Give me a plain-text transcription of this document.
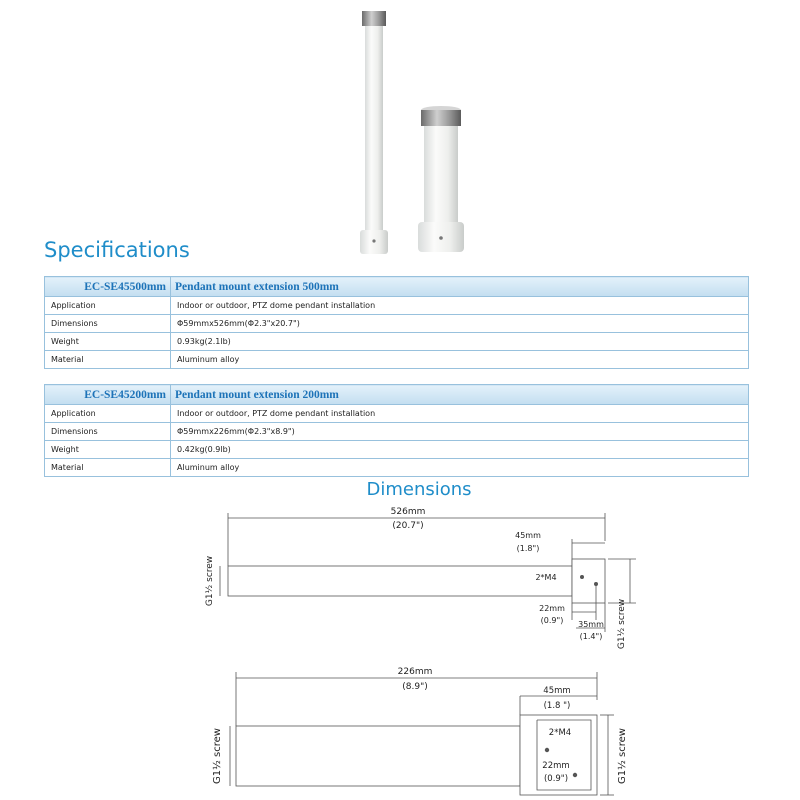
Specifications
EC-SE45500mm	Pendant mount extension 500mm
Application	Indoor or outdoor, PTZ dome pendant installation
Dimensions	Φ59mmx526mm(Φ2.3"x20.7")
Weight	0.93kg(2.1lb)
Material	Aluminum alloy
EC-SE45200mm	Pendant mount extension 200mm
Application	Indoor or outdoor, PTZ dome pendant installation
Dimensions	Φ59mmx226mm(Φ2.3"x8.9")
Weight	0.42kg(0.9lb)
Material	Aluminum alloy
Dimensions
526mm
(20.7")
45mm
(1.8")
2*M4
22mm
(0.9") 35mm
(1.4")
G1½ screw
G1½ screw
226mm
(8.9")	45mm
(1.8 ")
2*M4
22mm
(0.9")
G1½ screw	G1½ screw
